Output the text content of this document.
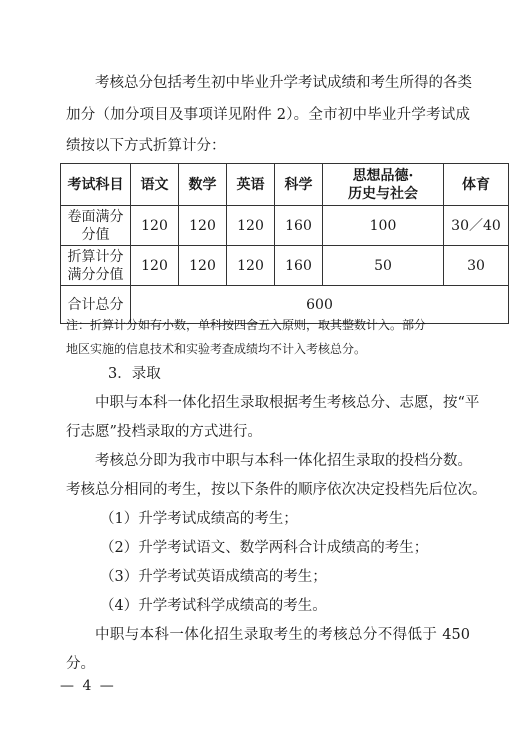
考核总分包括考生初中毕业升学考试成绩和考生所得的各类
加分（加分项目及事项详见附件 2）。全市初中毕业升学考试成
绩按以下方式折算计分：
考试科目	语文	数学	英语	科学	思想品德·
历史与社会	体育

卷面满分
分值	120	120	120	160	100	30／40

折算计分
满分分值	120	120	120	160	50	30
合计总分	600					
注：折算计分如有小数，单科按四舍五入原则，取其整数计入。部分
地区实施的信息技术和实验考查成绩均不计入考核总分。
3．录取
中职与本科一体化招生录取根据考生考核总分、志愿，按“平
行志愿”投档录取的方式进行。
考核总分即为我市中职与本科一体化招生录取的投档分数。
考核总分相同的考生，按以下条件的顺序依次决定投档先后位次。
（1）升学考试成绩高的考生；
（2）升学考试语文、数学两科合计成绩高的考生；
（3）升学考试英语成绩高的考生；
（4）升学考试科学成绩高的考生。
中职与本科一体化招生录取考生的考核总分不得低于 450
分。
— 4 —
